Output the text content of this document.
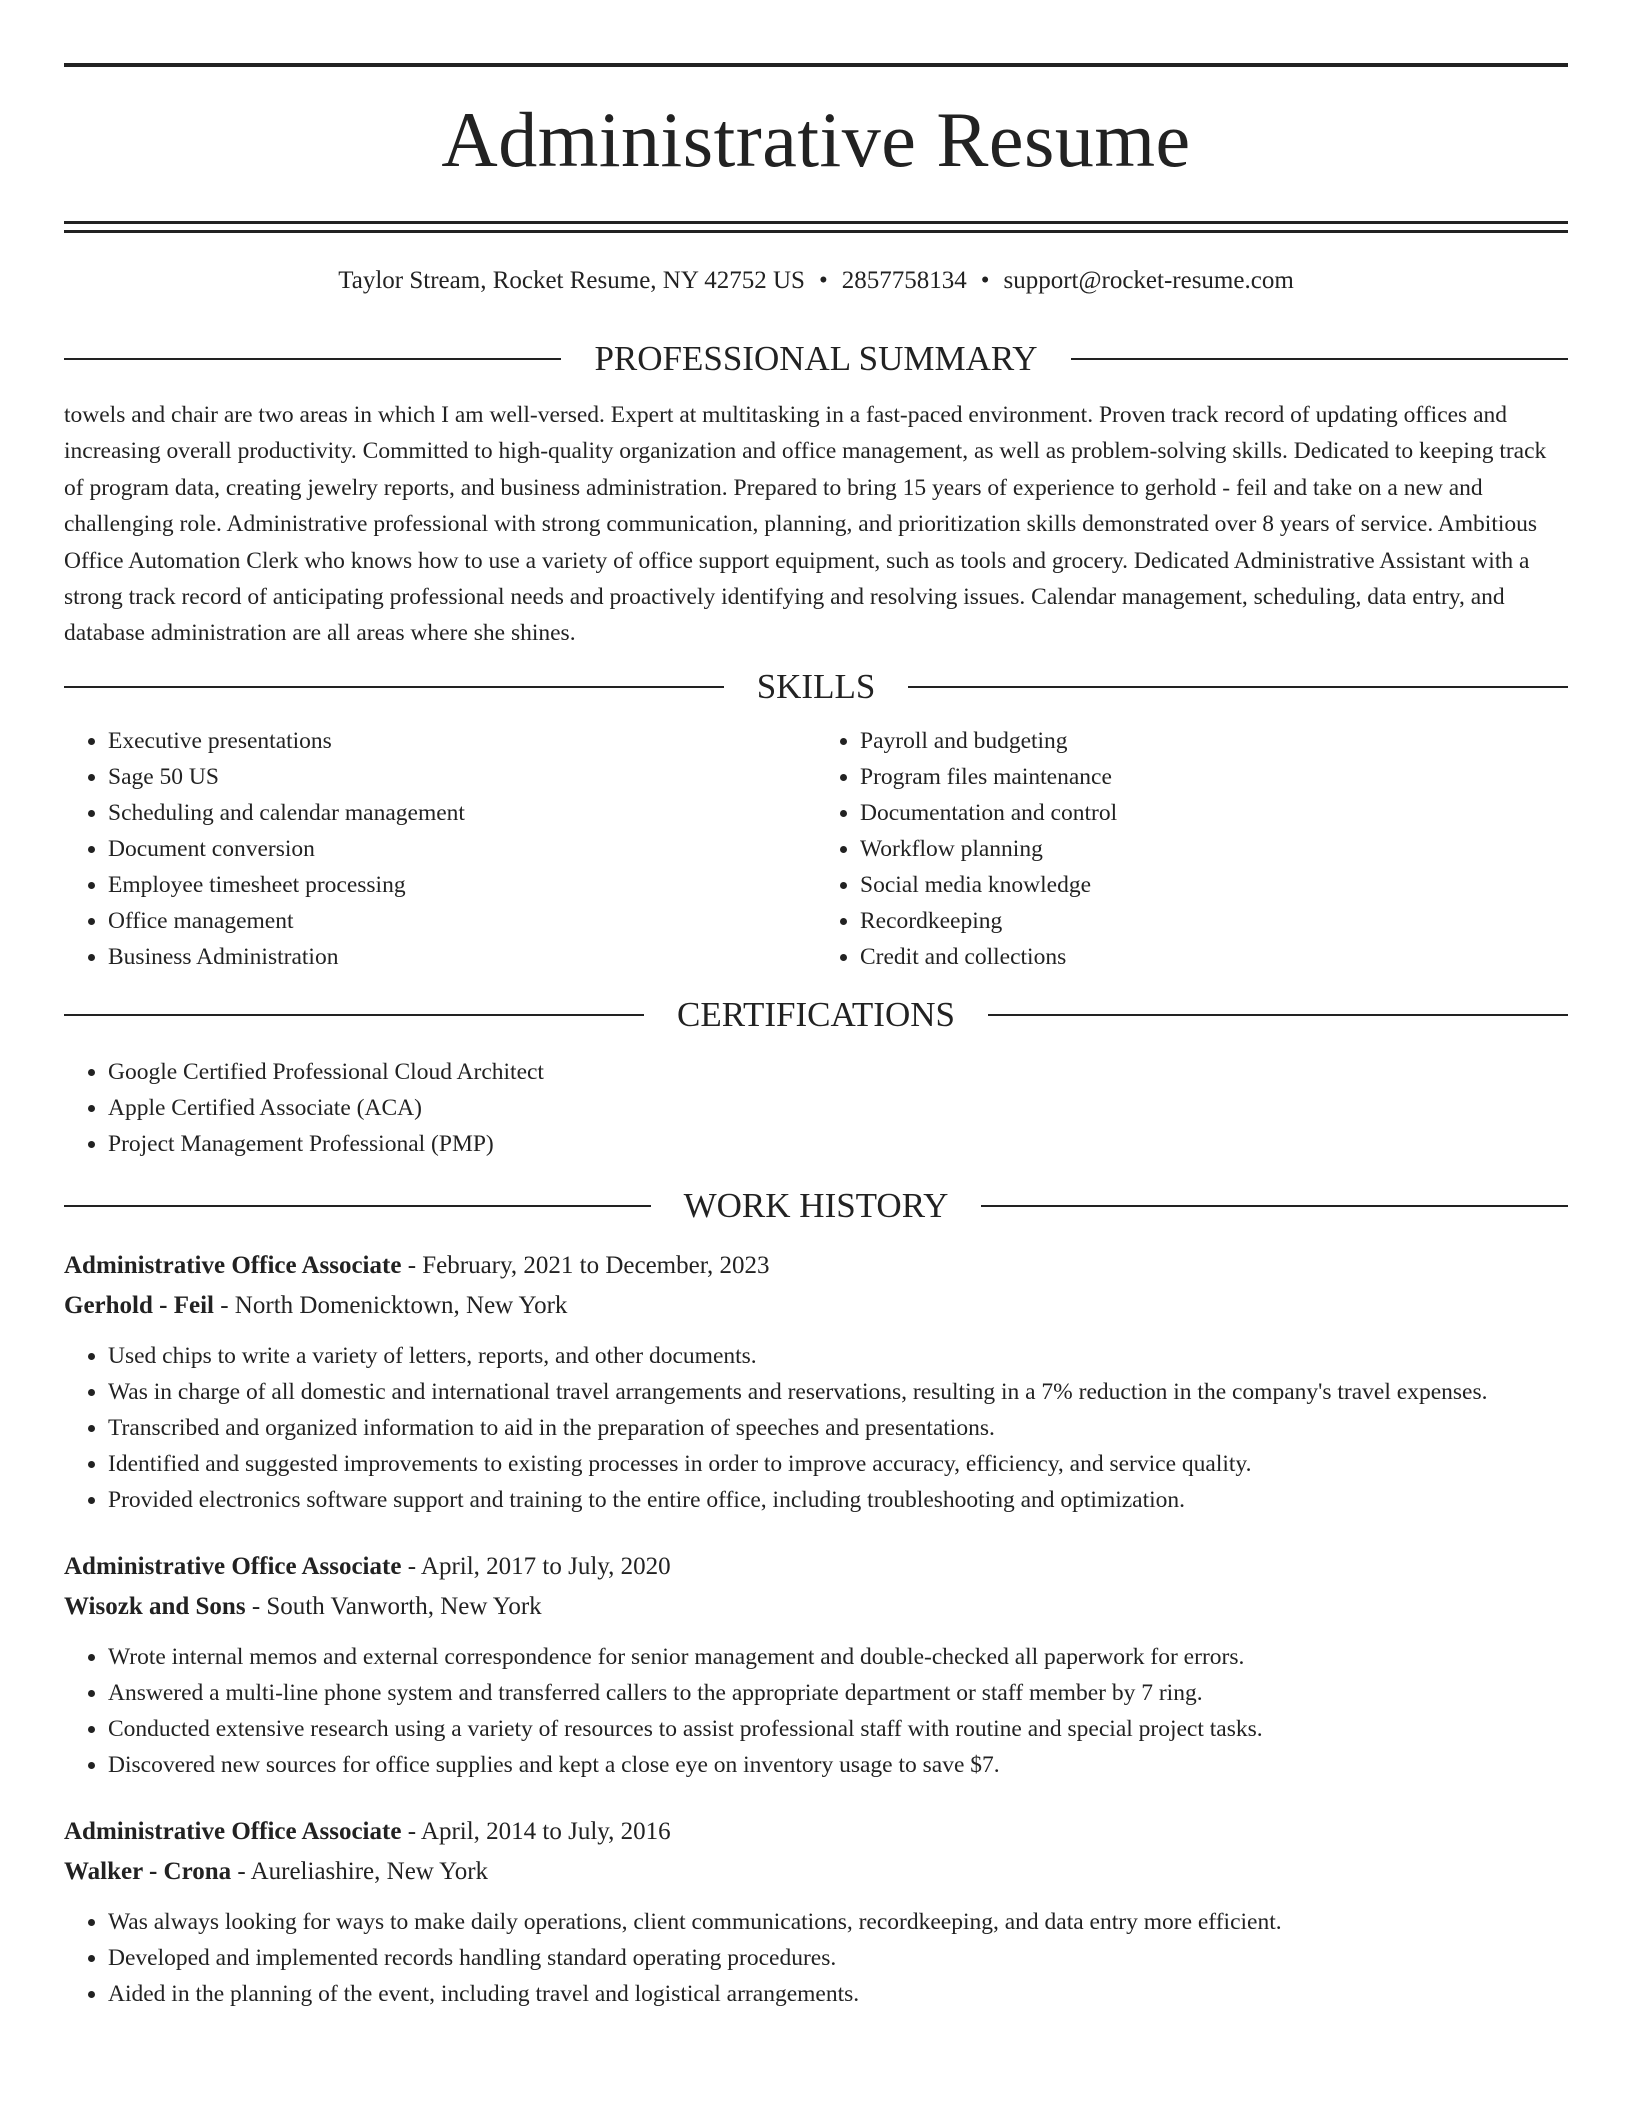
Administrative Resume
Taylor Stream, Rocket Resume, NY 42752 US • 2857758134 • support@rocket-resume.com
PROFESSIONAL SUMMARY
towels and chair are two areas in which I am well-versed. Expert at multitasking in a fast-paced environment. Proven track record of updating offices and increasing overall productivity. Committed to high-quality organization and office management, as well as problem-solving skills. Dedicated to keeping track of program data, creating jewelry reports, and business administration. Prepared to bring 15 years of experience to gerhold - feil and take on a new and challenging role. Administrative professional with strong communication, planning, and prioritization skills demonstrated over 8 years of service. Ambitious Office Automation Clerk who knows how to use a variety of office support equipment, such as tools and grocery. Dedicated Administrative Assistant with a strong track record of anticipating professional needs and proactively identifying and resolving issues. Calendar management, scheduling, data entry, and database administration are all areas where she shines.
SKILLS
• Executive presentations
• Sage 50 US
• Scheduling and calendar management
• Document conversion
• Employee timesheet processing
• Office management
• Business Administration
• Payroll and budgeting
• Program files maintenance
• Documentation and control
• Workflow planning
• Social media knowledge
• Recordkeeping
• Credit and collections
CERTIFICATIONS
• Google Certified Professional Cloud Architect
• Apple Certified Associate (ACA)
• Project Management Professional (PMP)
WORK HISTORY
Administrative Office Associate - February, 2021 to December, 2023
Gerhold - Feil - North Domenicktown, New York
• Used chips to write a variety of letters, reports, and other documents.
• Was in charge of all domestic and international travel arrangements and reservations, resulting in a 7% reduction in the company's travel expenses.
• Transcribed and organized information to aid in the preparation of speeches and presentations.
• Identified and suggested improvements to existing processes in order to improve accuracy, efficiency, and service quality.
• Provided electronics software support and training to the entire office, including troubleshooting and optimization.
Administrative Office Associate - April, 2017 to July, 2020
Wisozk and Sons - South Vanworth, New York
• Wrote internal memos and external correspondence for senior management and double-checked all paperwork for errors.
• Answered a multi-line phone system and transferred callers to the appropriate department or staff member by 7 ring.
• Conducted extensive research using a variety of resources to assist professional staff with routine and special project tasks.
• Discovered new sources for office supplies and kept a close eye on inventory usage to save $7.
Administrative Office Associate - April, 2014 to July, 2016
Walker - Crona - Aureliashire, New York
• Was always looking for ways to make daily operations, client communications, recordkeeping, and data entry more efficient.
• Developed and implemented records handling standard operating procedures.
• Aided in the planning of the event, including travel and logistical arrangements.
